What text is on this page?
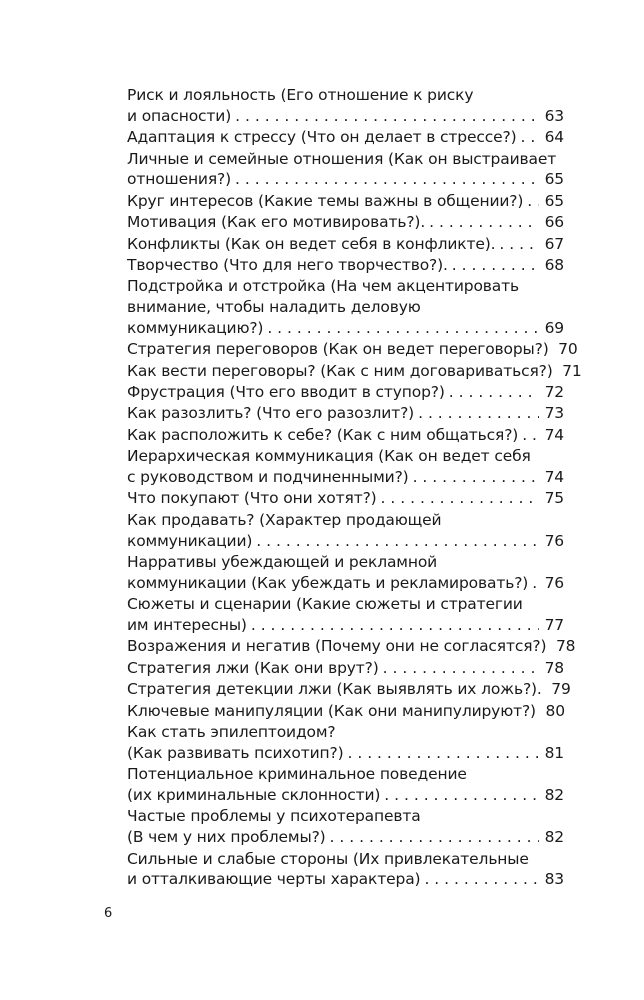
Риск и лояльность (Его отношение к риску
и опасности) . . .	63
Адаптация к стрессу (Что он делает в стрессе?) . . . 64
Личные и семейные отношения (Как он выстраивает
отношения?) . . .	65
Круг интересов (Какие темы важны в общении?) . . . 65
Мотивация (Как его мотивировать?). . . .	66
Конфликты (Как он ведет себя в конфликте). . . .	67
Творчество (Что для него творчество?). . . .	68
Подстройка и отстройка (На чем акцентировать
внимание, чтобы наладить деловую
коммуникацию?) . . .	69
Стратегия переговоров (Как он ведет переговоры?) 70
Как вести переговоры? (Как с ним договариваться?) 71
Фрустрация (Что его вводит в ступор?) . . .	72
Как разозлить? (Что его разозлит?) . . .	73
Как расположить к себе? (Как с ним общаться?) . . . 74
Иерархическая коммуникация (Как он ведет себя
с руководством и подчиненными?) . . .	74
Что покупают (Что они хотят?) . . .	75
Как продавать? (Характер продающей
коммуникации) . . .	76
Нарративы убеждающей и рекламной
коммуникации (Как убеждать и рекламировать?) . . . 76
Сюжеты и сценарии (Какие сюжеты и стратегии
им интересны) . . .	77
Возражения и негатив (Почему они не согласятся?) 78
Стратегия лжи (Как они врут?) . . .	78
Стратегия детекции лжи (Как выявлять их ложь?). 79
Ключевые манипуляции (Как они манипулируют?) 80
Как стать эпилептоидом?
(Как развивать психотип?) . . .	81
Потенциальное криминальное поведение
(их криминальные склонности) . . .	82
Частые проблемы у психотерапевта
(В чем у них проблемы?) . . .	82
Сильные и слабые стороны (Их привлекательные
и отталкивающие черты характера) . . .	83
6
